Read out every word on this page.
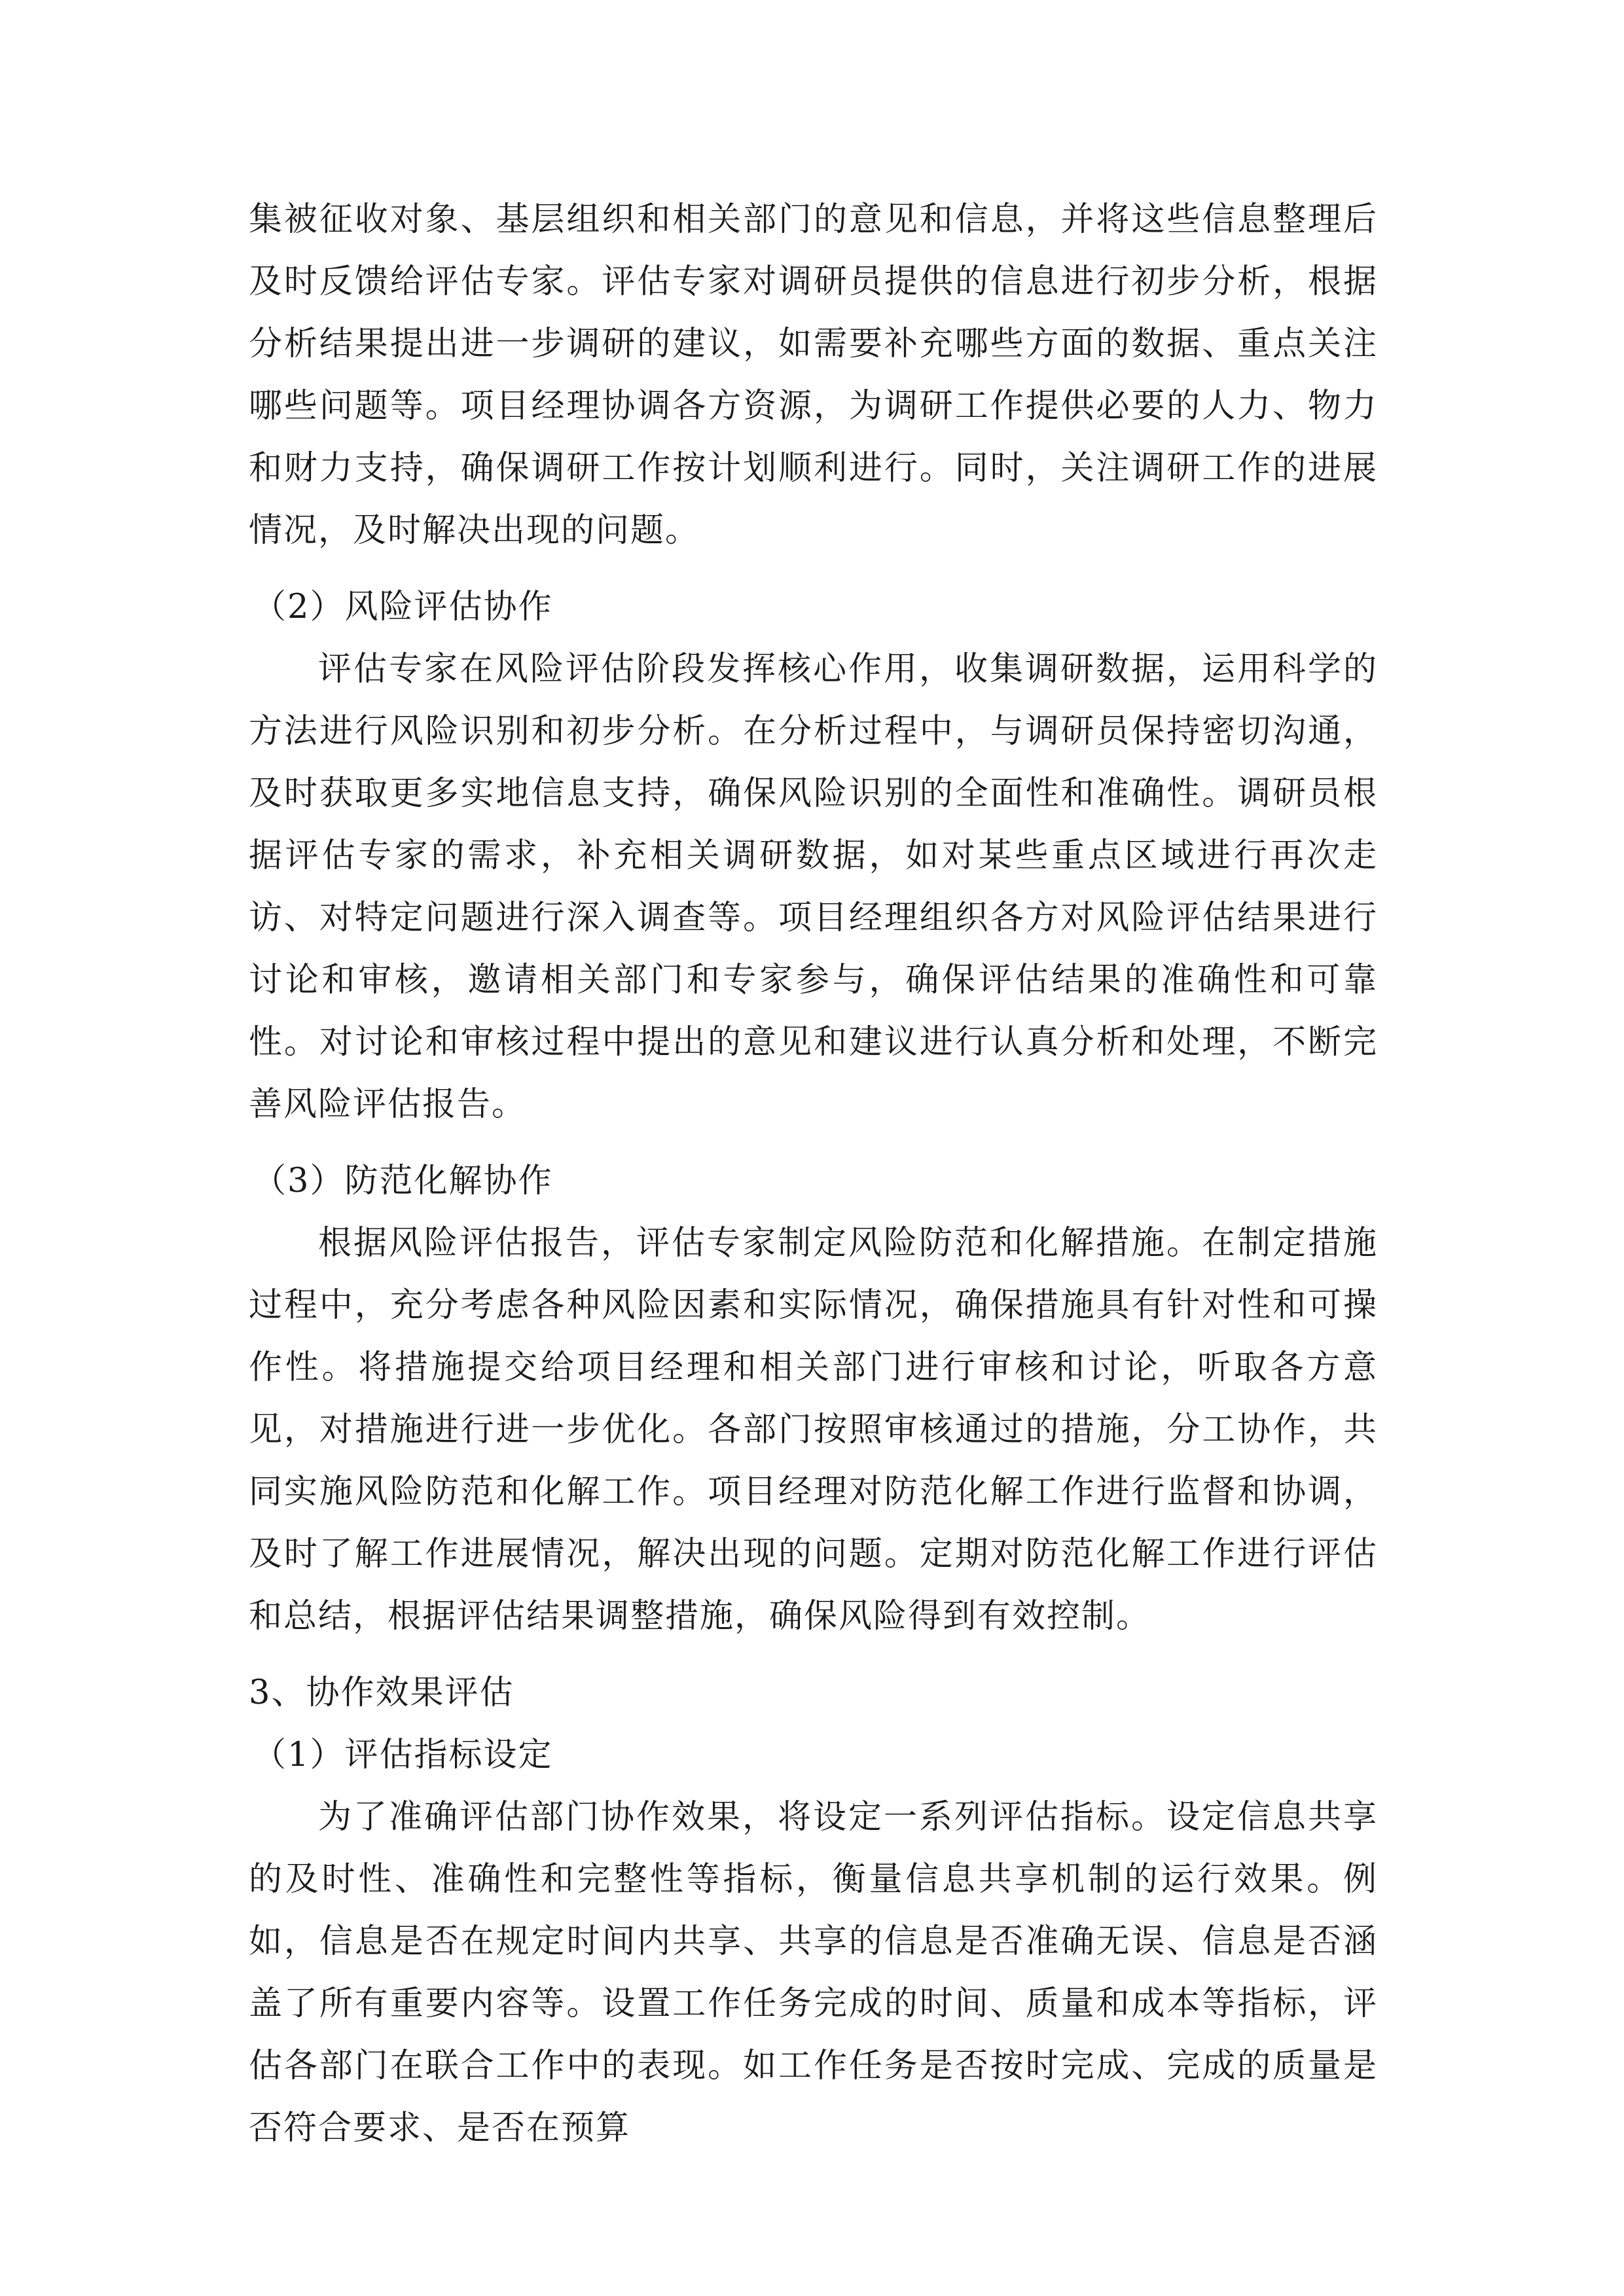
集被征收对象、基层组织和相关部门的意见和信息，并将这些信息整理后及时反馈给评估专家。评估专家对调研员提供的信息进行初步分析，根据分析结果提出进一步调研的建议，如需要补充哪些方面的数据、重点关注哪些问题等。项目经理协调各方资源，为调研工作提供必要的人力、物力和财力支持，确保调研工作按计划顺利进行。同时，关注调研工作的进展情况，及时解决出现的问题。

（2）风险评估协作

评估专家在风险评估阶段发挥核心作用，收集调研数据，运用科学的方法进行风险识别和初步分析。在分析过程中，与调研员保持密切沟通，及时获取更多实地信息支持，确保风险识别的全面性和准确性。调研员根据评估专家的需求，补充相关调研数据，如对某些重点区域进行再次走访、对特定问题进行深入调查等。项目经理组织各方对风险评估结果进行讨论和审核，邀请相关部门和专家参与，确保评估结果的准确性和可靠性。对讨论和审核过程中提出的意见和建议进行认真分析和处理，不断完善风险评估报告。

（3）防范化解协作

根据风险评估报告，评估专家制定风险防范和化解措施。在制定措施过程中，充分考虑各种风险因素和实际情况，确保措施具有针对性和可操作性。将措施提交给项目经理和相关部门进行审核和讨论，听取各方意见，对措施进行进一步优化。各部门按照审核通过的措施，分工协作，共同实施风险防范和化解工作。项目经理对防范化解工作进行监督和协调，及时了解工作进展情况，解决出现的问题。定期对防范化解工作进行评估和总结，根据评估结果调整措施，确保风险得到有效控制。

3、协作效果评估

（1）评估指标设定

为了准确评估部门协作效果，将设定一系列评估指标。设定信息共享的及时性、准确性和完整性等指标，衡量信息共享机制的运行效果。例如，信息是否在规定时间内共享、共享的信息是否准确无误、信息是否涵盖了所有重要内容等。设置工作任务完成的时间、质量和成本等指标，评估各部门在联合工作中的表现。如工作任务是否按时完成、完成的质量是否符合要求、是否在预算
